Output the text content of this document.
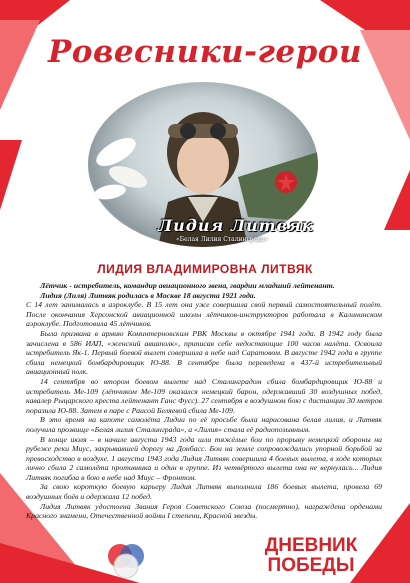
Ровесники-герои
Лидия Литвяк
«Белая Лилия Сталинграда»
ЛИДИЯ ВЛАДИМИРОВНА ЛИТВЯК

Лётчик - истребитель, командир авиационного звена, гвардии младший лейтенант.

Лидия (Лиля) Литвяк родилась в Москве 18 августа 1921 года.

С 14 лет занималась в аэроклубе. В 15 лет она уже совершила свой первый самостоятельный полёт. После окончания Херсонской авиационной школы лётчиков-инструкторов работала в Калининском аэроклубе. Подготовила 45 лётчиков.

Была призвана в армию Коминтерновским РВК Москвы в октябре 1941 года. В 1942 году была зачислена в 586 ИАП, «женский авиаполк», приписав себе недостающие 100 часов налёта. Освоила истребитель Як-1. Первый боевой вылет совершила в небе над Саратовом. В августе 1942 года в группе сбила немецкий бомбардировщик Ю-88. В сентябре была переведена в 437-й истребительный авиационный полк.

14 сентября во втором боевом вылете над Сталинградом сбила бомбардировщик Ю-88 и истребитель Ме-109 (лётчиком Ме-109 оказался немецкий барон, одержавший 30 воздушных побед, кавалер Рыцарского креста лейтенант Ганс Фусс). 27 сентября в воздушном бою с дистанции 30 метров поразила Ю-88. Затем в паре с Раисой Беляевой сбила Ме-109.

В это время на капоте самолёта Лидии по её просьбе была нарисована белая лилия, и Литвяк получила прозвище «Белая лилия Сталинграда», а «Лилия» стала её радиопозывным.

В конце июля – в начале августа 1943 года шли тяжёлые бои по прорыву немецкой обороны на рубеже реки Миус, закрывавшей дорогу на Донбасс. Бои на земле сопровождались упорной борьбой за превосходство в воздухе. 1 августа 1943 года Лидия Литвяк совершила 4 боевых вылета, в ходе которых лично сбила 2 самолёта противника и один в группе. Из четвёртого вылета она не вернулась... Лидия Литвяк погибла в бою в небе над Миус – Фронтом.

За свою короткую боевую карьеру Лидия Литвяк выполнила 186 боевых вылета, провела 69 воздушных боёв и одержала 12 побед.

Лидия Литвяк удостоена Звания Героя Советского Союза (посмертно), награждена орденами Красного знамени, Отечественной войны I степени, Красной звезды.

ДНЕВНИК
ПОБЕДЫ
